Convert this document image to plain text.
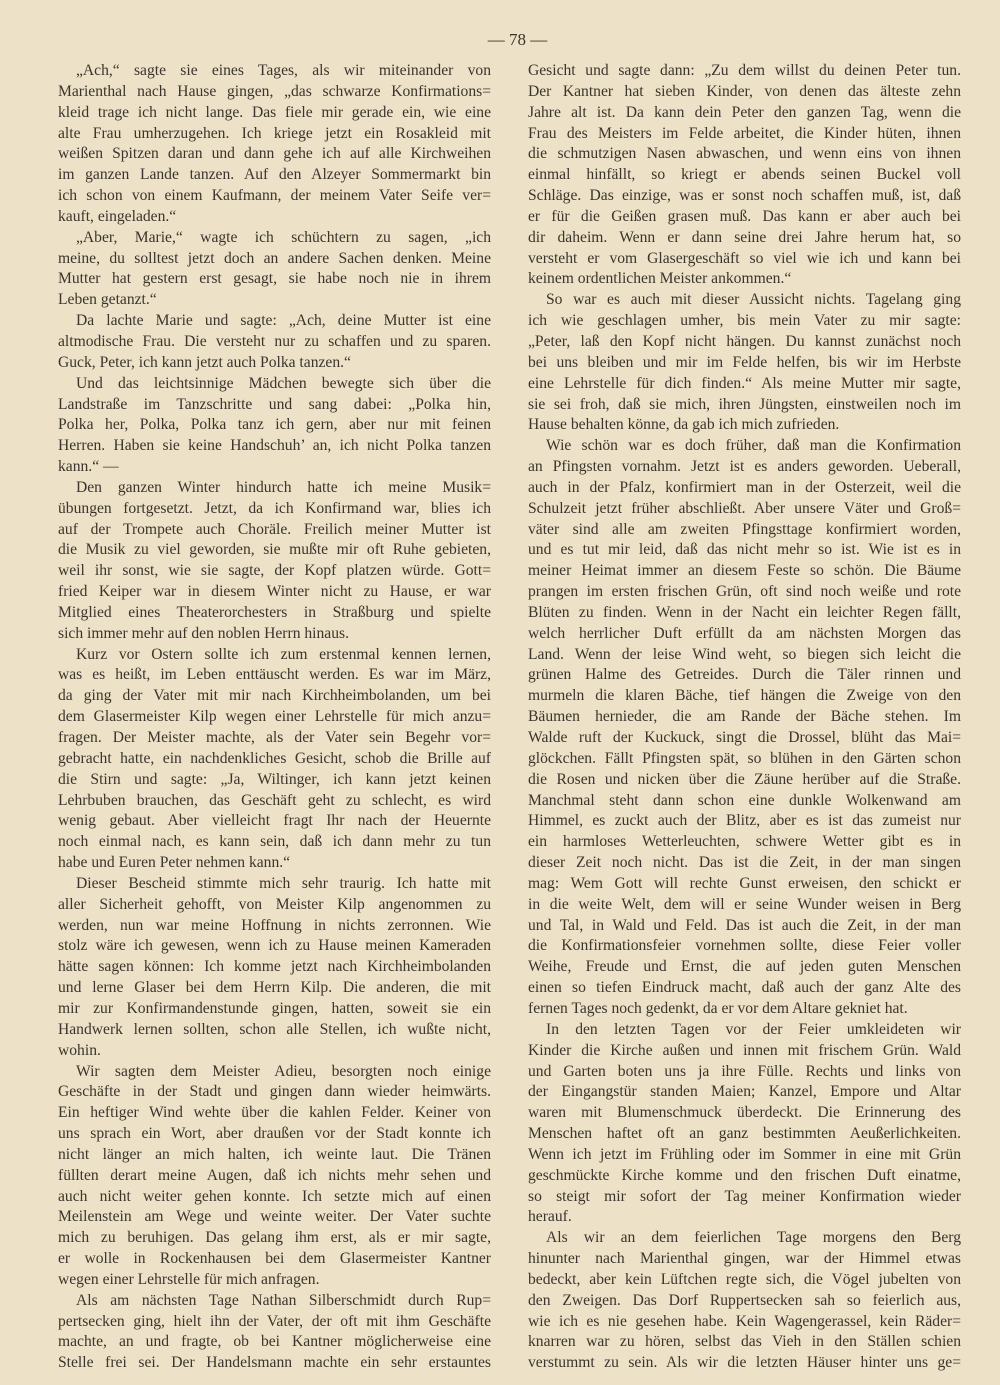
— 78 —
„Ach,“ sagte sie eines Tages, als wir miteinander von
Marienthal nach Hause gingen, „das schwarze Konfirmations=
kleid trage ich nicht lange. Das fiele mir gerade ein, wie eine
alte Frau umherzugehen. Ich kriege jetzt ein Rosakleid mit
weißen Spitzen daran und dann gehe ich auf alle Kirchweihen
im ganzen Lande tanzen. Auf den Alzeyer Sommermarkt bin
ich schon von einem Kaufmann, der meinem Vater Seife ver=
kauft, eingeladen.“
„Aber, Marie,“ wagte ich schüchtern zu sagen, „ich
meine, du solltest jetzt doch an andere Sachen denken. Meine
Mutter hat gestern erst gesagt, sie habe noch nie in ihrem
Leben getanzt.“
Da lachte Marie und sagte: „Ach, deine Mutter ist eine
altmodische Frau. Die versteht nur zu schaffen und zu sparen.
Guck, Peter, ich kann jetzt auch Polka tanzen.“
Und das leichtsinnige Mädchen bewegte sich über die
Landstraße im Tanzschritte und sang dabei: „Polka hin,
Polka her, Polka, Polka tanz ich gern, aber nur mit feinen
Herren. Haben sie keine Handschuh’ an, ich nicht Polka tanzen
kann.“ —
Den ganzen Winter hindurch hatte ich meine Musik=
übungen fortgesetzt. Jetzt, da ich Konfirmand war, blies ich
auf der Trompete auch Choräle. Freilich meiner Mutter ist
die Musik zu viel geworden, sie mußte mir oft Ruhe gebieten,
weil ihr sonst, wie sie sagte, der Kopf platzen würde. Gott=
fried Keiper war in diesem Winter nicht zu Hause, er war
Mitglied eines Theaterorchesters in Straßburg und spielte
sich immer mehr auf den noblen Herrn hinaus.
Kurz vor Ostern sollte ich zum erstenmal kennen lernen,
was es heißt, im Leben enttäuscht werden. Es war im März,
da ging der Vater mit mir nach Kirchheimbolanden, um bei
dem Glasermeister Kilp wegen einer Lehrstelle für mich anzu=
fragen. Der Meister machte, als der Vater sein Begehr vor=
gebracht hatte, ein nachdenkliches Gesicht, schob die Brille auf
die Stirn und sagte: „Ja, Wiltinger, ich kann jetzt keinen
Lehrbuben brauchen, das Geschäft geht zu schlecht, es wird
wenig gebaut. Aber vielleicht fragt Ihr nach der Heuernte
noch einmal nach, es kann sein, daß ich dann mehr zu tun
habe und Euren Peter nehmen kann.“
Dieser Bescheid stimmte mich sehr traurig. Ich hatte mit
aller Sicherheit gehofft, von Meister Kilp angenommen zu
werden, nun war meine Hoffnung in nichts zerronnen. Wie
stolz wäre ich gewesen, wenn ich zu Hause meinen Kameraden
hätte sagen können: Ich komme jetzt nach Kirchheimbolanden
und lerne Glaser bei dem Herrn Kilp. Die anderen, die mit
mir zur Konfirmandenstunde gingen, hatten, soweit sie ein
Handwerk lernen sollten, schon alle Stellen, ich wußte nicht,
wohin.
Wir sagten dem Meister Adieu, besorgten noch einige
Geschäfte in der Stadt und gingen dann wieder heimwärts.
Ein heftiger Wind wehte über die kahlen Felder. Keiner von
uns sprach ein Wort, aber draußen vor der Stadt konnte ich
nicht länger an mich halten, ich weinte laut. Die Tränen
füllten derart meine Augen, daß ich nichts mehr sehen und
auch nicht weiter gehen konnte. Ich setzte mich auf einen
Meilenstein am Wege und weinte weiter. Der Vater suchte
mich zu beruhigen. Das gelang ihm erst, als er mir sagte,
er wolle in Rockenhausen bei dem Glasermeister Kantner
wegen einer Lehrstelle für mich anfragen.
Als am nächsten Tage Nathan Silberschmidt durch Rup=
pertsecken ging, hielt ihn der Vater, der oft mit ihm Geschäfte
machte, an und fragte, ob bei Kantner möglicherweise eine
Stelle frei sei. Der Handelsmann machte ein sehr erstauntes
Gesicht und sagte dann: „Zu dem willst du deinen Peter tun.
Der Kantner hat sieben Kinder, von denen das älteste zehn
Jahre alt ist. Da kann dein Peter den ganzen Tag, wenn die
Frau des Meisters im Felde arbeitet, die Kinder hüten, ihnen
die schmutzigen Nasen abwaschen, und wenn eins von ihnen
einmal hinfällt, so kriegt er abends seinen Buckel voll
Schläge. Das einzige, was er sonst noch schaffen muß, ist, daß
er für die Geißen grasen muß. Das kann er aber auch bei
dir daheim. Wenn er dann seine drei Jahre herum hat, so
versteht er vom Glasergeschäft so viel wie ich und kann bei
keinem ordentlichen Meister ankommen.“
So war es auch mit dieser Aussicht nichts. Tagelang ging
ich wie geschlagen umher, bis mein Vater zu mir sagte:
„Peter, laß den Kopf nicht hängen. Du kannst zunächst noch
bei uns bleiben und mir im Felde helfen, bis wir im Herbste
eine Lehrstelle für dich finden.“ Als meine Mutter mir sagte,
sie sei froh, daß sie mich, ihren Jüngsten, einstweilen noch im
Hause behalten könne, da gab ich mich zufrieden.
Wie schön war es doch früher, daß man die Konfirmation
an Pfingsten vornahm. Jetzt ist es anders geworden. Ueberall,
auch in der Pfalz, konfirmiert man in der Osterzeit, weil die
Schulzeit jetzt früher abschließt. Aber unsere Väter und Groß=
väter sind alle am zweiten Pfingsttage konfirmiert worden,
und es tut mir leid, daß das nicht mehr so ist. Wie ist es in
meiner Heimat immer an diesem Feste so schön. Die Bäume
prangen im ersten frischen Grün, oft sind noch weiße und rote
Blüten zu finden. Wenn in der Nacht ein leichter Regen fällt,
welch herrlicher Duft erfüllt da am nächsten Morgen das
Land. Wenn der leise Wind weht, so biegen sich leicht die
grünen Halme des Getreides. Durch die Täler rinnen und
murmeln die klaren Bäche, tief hängen die Zweige von den
Bäumen hernieder, die am Rande der Bäche stehen. Im
Walde ruft der Kuckuck, singt die Drossel, blüht das Mai=
glöckchen. Fällt Pfingsten spät, so blühen in den Gärten schon
die Rosen und nicken über die Zäune herüber auf die Straße.
Manchmal steht dann schon eine dunkle Wolkenwand am
Himmel, es zuckt auch der Blitz, aber es ist das zumeist nur
ein harmloses Wetterleuchten, schwere Wetter gibt es in
dieser Zeit noch nicht. Das ist die Zeit, in der man singen
mag: Wem Gott will rechte Gunst erweisen, den schickt er
in die weite Welt, dem will er seine Wunder weisen in Berg
und Tal, in Wald und Feld. Das ist auch die Zeit, in der man
die Konfirmationsfeier vornehmen sollte, diese Feier voller
Weihe, Freude und Ernst, die auf jeden guten Menschen
einen so tiefen Eindruck macht, daß auch der ganz Alte des
fernen Tages noch gedenkt, da er vor dem Altare gekniet hat.
In den letzten Tagen vor der Feier umkleideten wir
Kinder die Kirche außen und innen mit frischem Grün. Wald
und Garten boten uns ja ihre Fülle. Rechts und links von
der Eingangstür standen Maien; Kanzel, Empore und Altar
waren mit Blumenschmuck überdeckt. Die Erinnerung des
Menschen haftet oft an ganz bestimmten Aeußerlichkeiten.
Wenn ich jetzt im Frühling oder im Sommer in eine mit Grün
geschmückte Kirche komme und den frischen Duft einatme,
so steigt mir sofort der Tag meiner Konfirmation wieder
herauf.
Als wir an dem feierlichen Tage morgens den Berg
hinunter nach Marienthal gingen, war der Himmel etwas
bedeckt, aber kein Lüftchen regte sich, die Vögel jubelten von
den Zweigen. Das Dorf Ruppertsecken sah so feierlich aus,
wie ich es nie gesehen habe. Kein Wagengerassel, kein Räder=
knarren war zu hören, selbst das Vieh in den Ställen schien
verstummt zu sein. Als wir die letzten Häuser hinter uns ge=
